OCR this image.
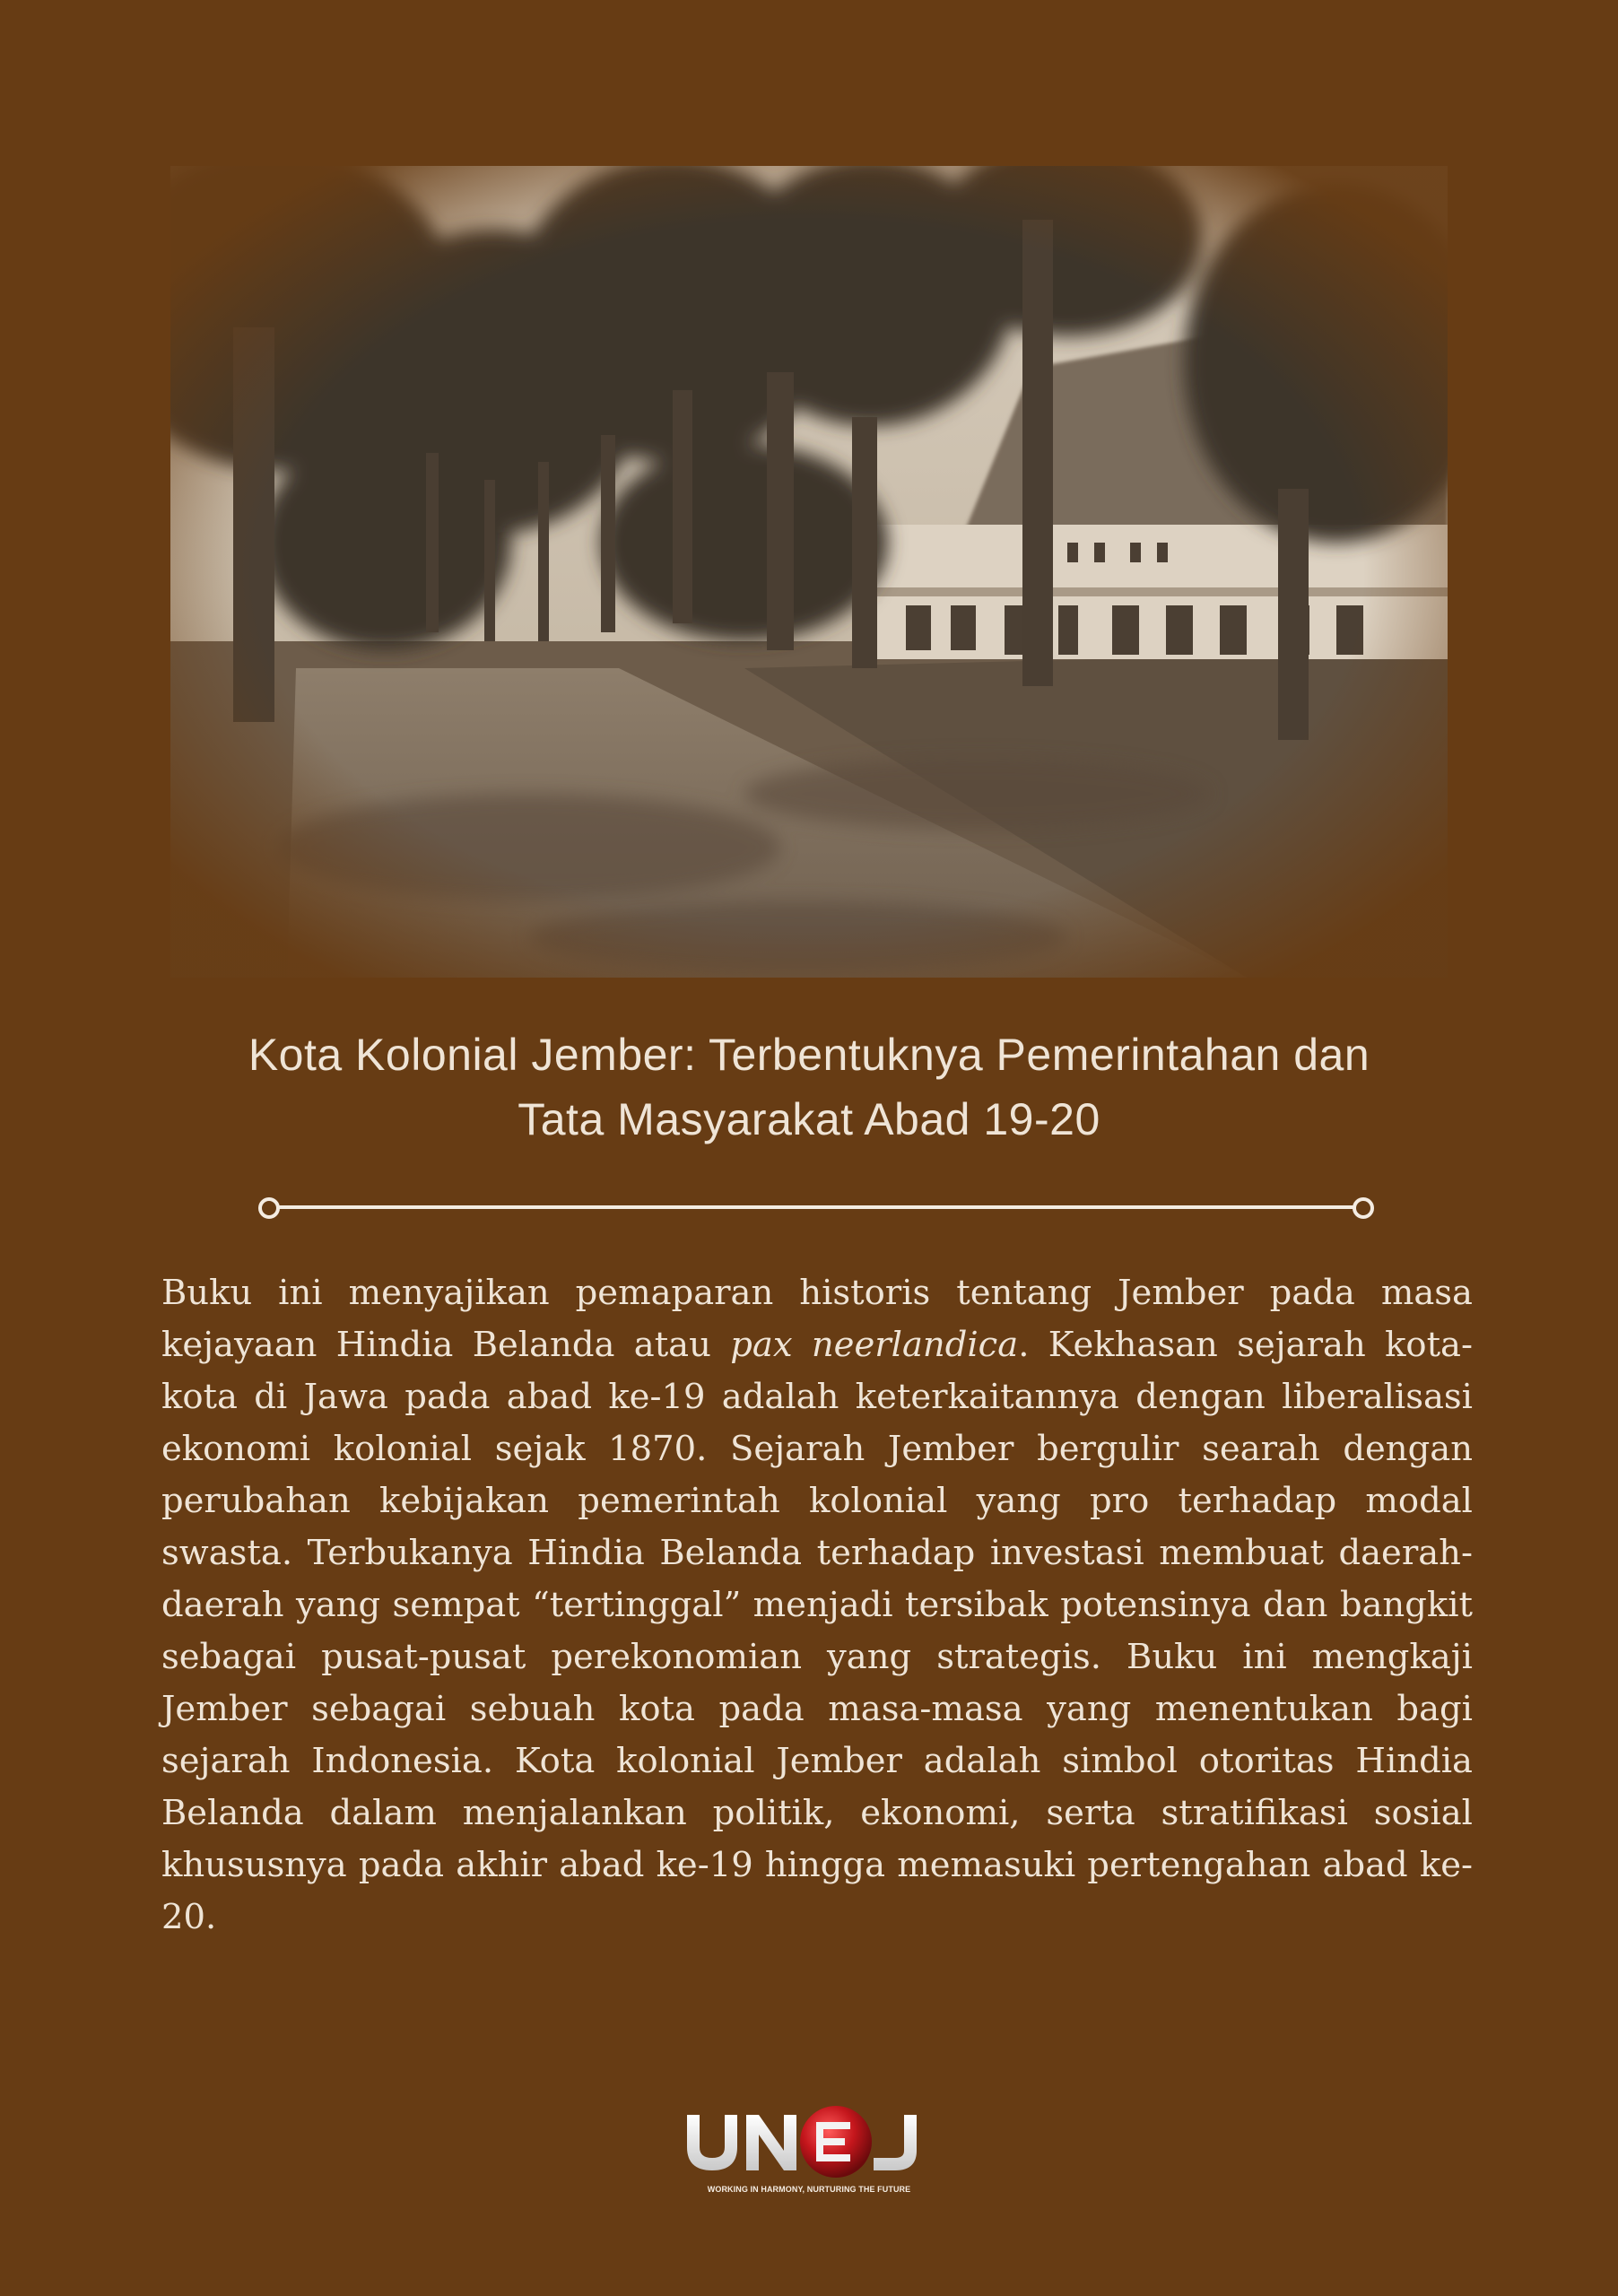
Kota Kolonial Jember: Terbentuknya Pemerintahan dan
Tata Masyarakat Abad 19-20

Buku ini menyajikan pemaparan historis tentang Jember pada masa kejayaan Hindia Belanda atau pax neerlandica. Kekhasan sejarah kota-kota di Jawa pada abad ke-19 adalah keterkaitannya dengan liberalisasi ekonomi kolonial sejak 1870. Sejarah Jember bergulir searah dengan perubahan kebijakan pemerintah kolonial yang pro terhadap modal swasta. Terbukanya Hindia Belanda terhadap investasi membuat daerah-daerah yang sempat “tertinggal” menjadi tersibak potensinya dan bangkit sebagai pusat-pusat perekonomian yang strategis. Buku ini mengkaji Jember sebagai sebuah kota pada masa-masa yang menentukan bagi sejarah Indonesia. Kota kolonial Jember adalah simbol otoritas Hindia Belanda dalam menjalankan politik, ekonomi, serta stratifikasi sosial khususnya pada akhir abad ke-19 hingga memasuki pertengahan abad ke-20.

WORKING IN HARMONY, NURTURING THE FUTURE
